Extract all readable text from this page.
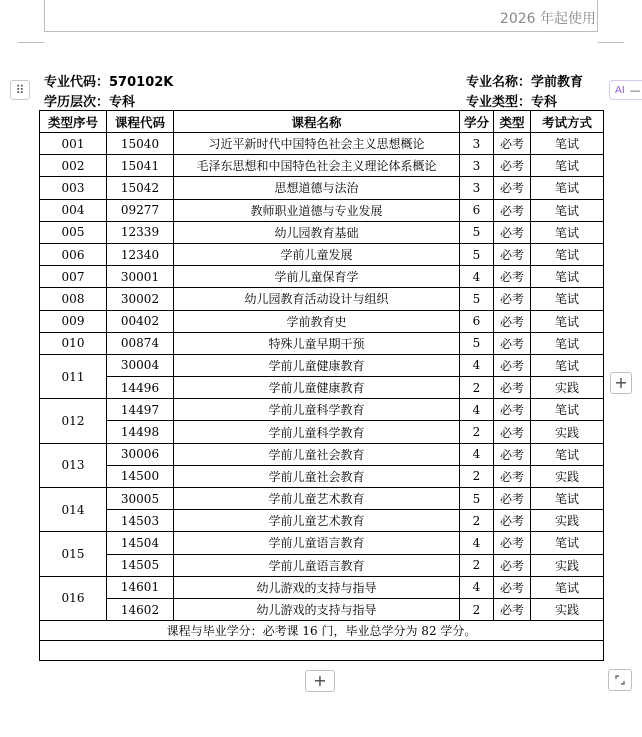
2026 年起使用
⠿	AI —
专业代码：570102K
学历层次：专科
专业名称：学前教育
专业类型：专科
类型序号	课程代码	课程名称	学分	类型	考试方式
001	15040	习近平新时代中国特色社会主义思想概论	3	必考	笔试
002	15041	毛泽东思想和中国特色社会主义理论体系概论	3	必考	笔试
003	15042	思想道德与法治	3	必考	笔试
004	09277	教师职业道德与专业发展	6	必考	笔试
005	12339	幼儿园教育基础	5	必考	笔试
006	12340	学前儿童发展	5	必考	笔试
007	30001	学前儿童保育学	4	必考	笔试
008	30002	幼儿园教育活动设计与组织	5	必考	笔试
009	00402	学前教育史	6	必考	笔试
010	00874	特殊儿童早期干预	5	必考	笔试
011	30004	学前儿童健康教育	4	必考	笔试
	14496	学前儿童健康教育	2	必考	实践
012	14497	学前儿童科学教育	4	必考	笔试
	14498	学前儿童科学教育	2	必考	实践
013	30006	学前儿童社会教育	4	必考	笔试
	14500	学前儿童社会教育	2	必考	实践
014	30005	学前儿童艺术教育	5	必考	笔试
	14503	学前儿童艺术教育	2	必考	实践
015	14504	学前儿童语言教育	4	必考	笔试
	14505	学前儿童语言教育	2	必考	实践
016	14601	幼儿游戏的支持与指导	4	必考	笔试
	14602	幼儿游戏的支持与指导	2	必考	实践
课程与毕业学分：必考课 16 门，毕业总学分为 82 学分。					

+
+
